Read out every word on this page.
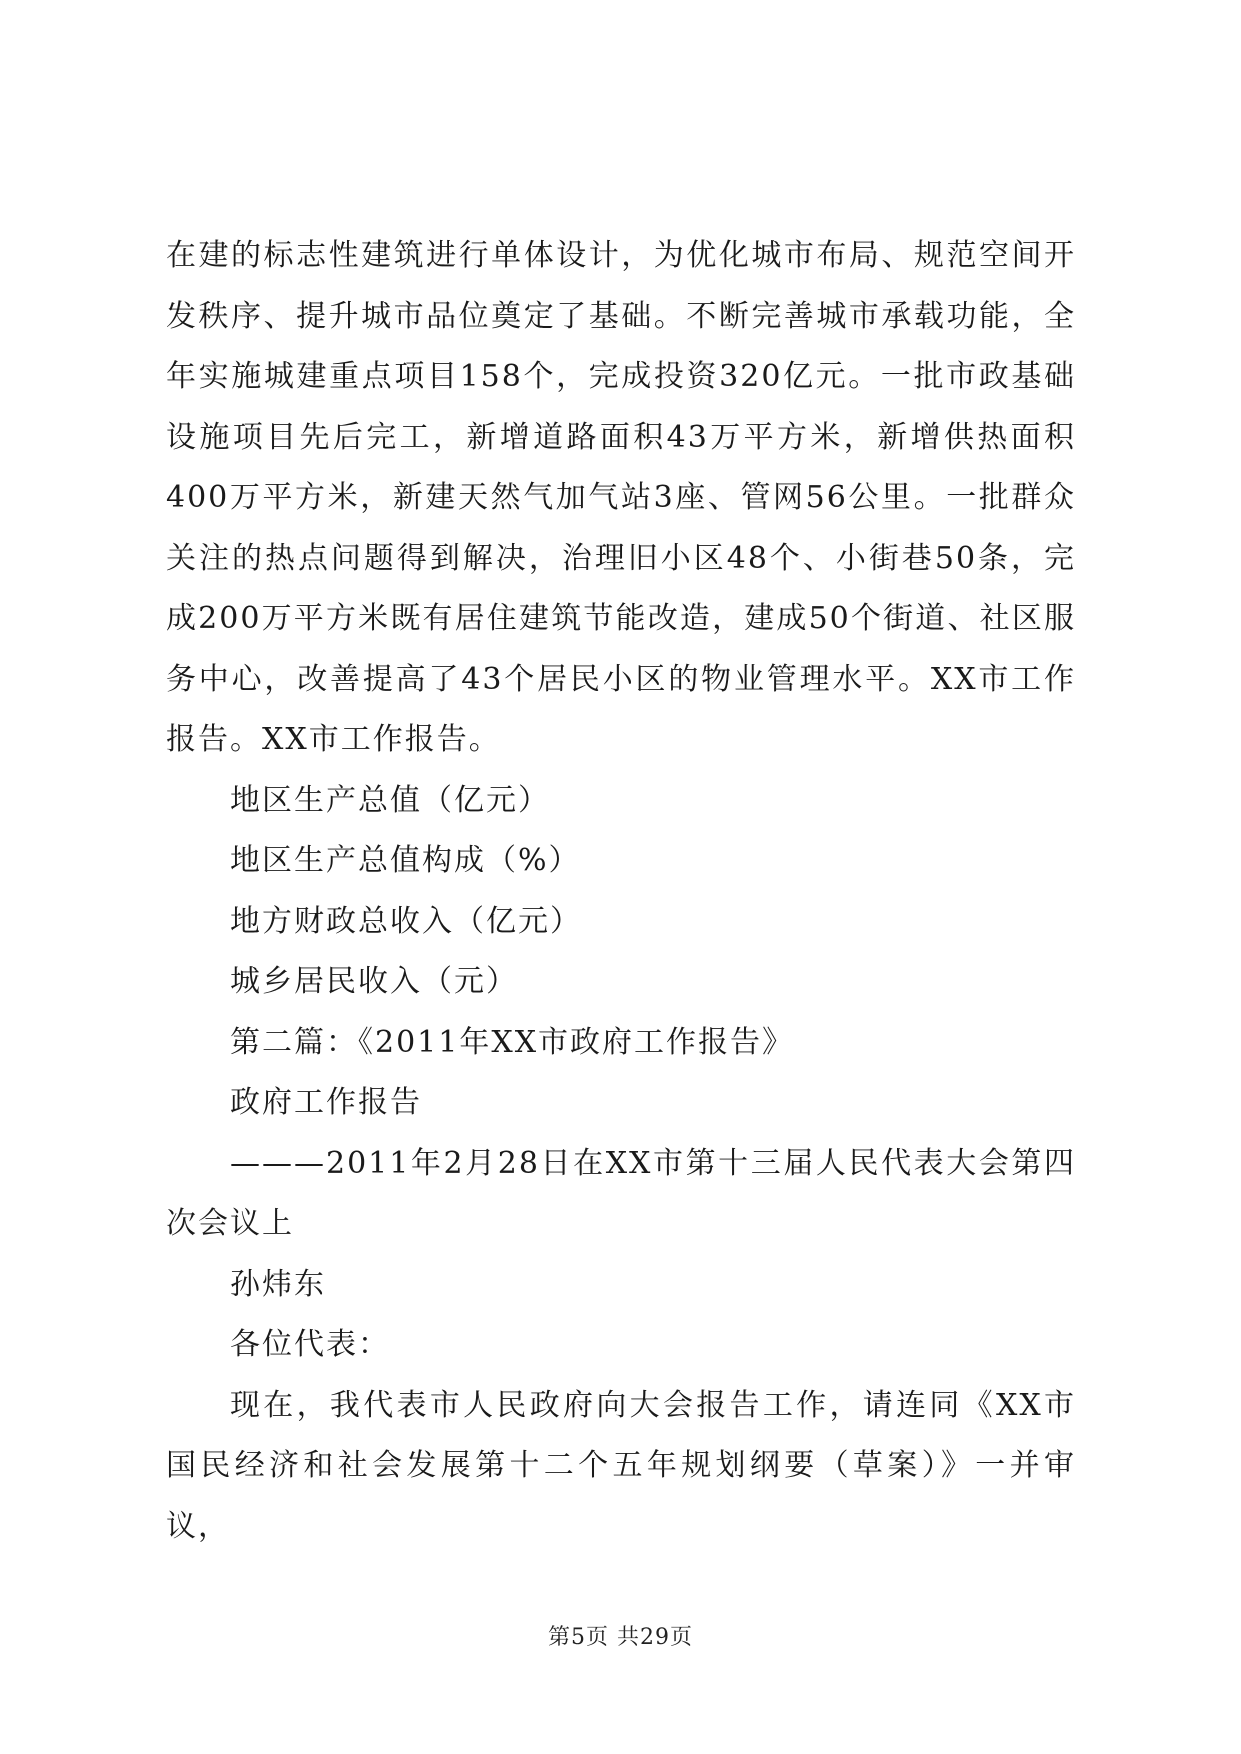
在建的标志性建筑进行单体设计，为优化城市布局、规范空间开发秩序、提升城市品位奠定了基础。不断完善城市承载功能，全年实施城建重点项目158个，完成投资320亿元。一批市政基础设施项目先后完工，新增道路面积43万平方米，新增供热面积400万平方米，新建天然气加气站3座、管网56公里。一批群众关注的热点问题得到解决，治理旧小区48个、小街巷50条，完成200万平方米既有居住建筑节能改造，建成50个街道、社区服务中心，改善提高了43个居民小区的物业管理水平。XX市工作报告。XX市工作报告。

地区生产总值（亿元）

地区生产总值构成（%）

地方财政总收入（亿元）

城乡居民收入（元）

第二篇：《2011年XX市政府工作报告》

政府工作报告

———2011年2月28日在XX市第十三届人民代表大会第四次会议上

孙炜东

各位代表：

现在，我代表市人民政府向大会报告工作，请连同《XX市国民经济和社会发展第十二个五年规划纲要（草案）》一并审议，

第5页 共29页
